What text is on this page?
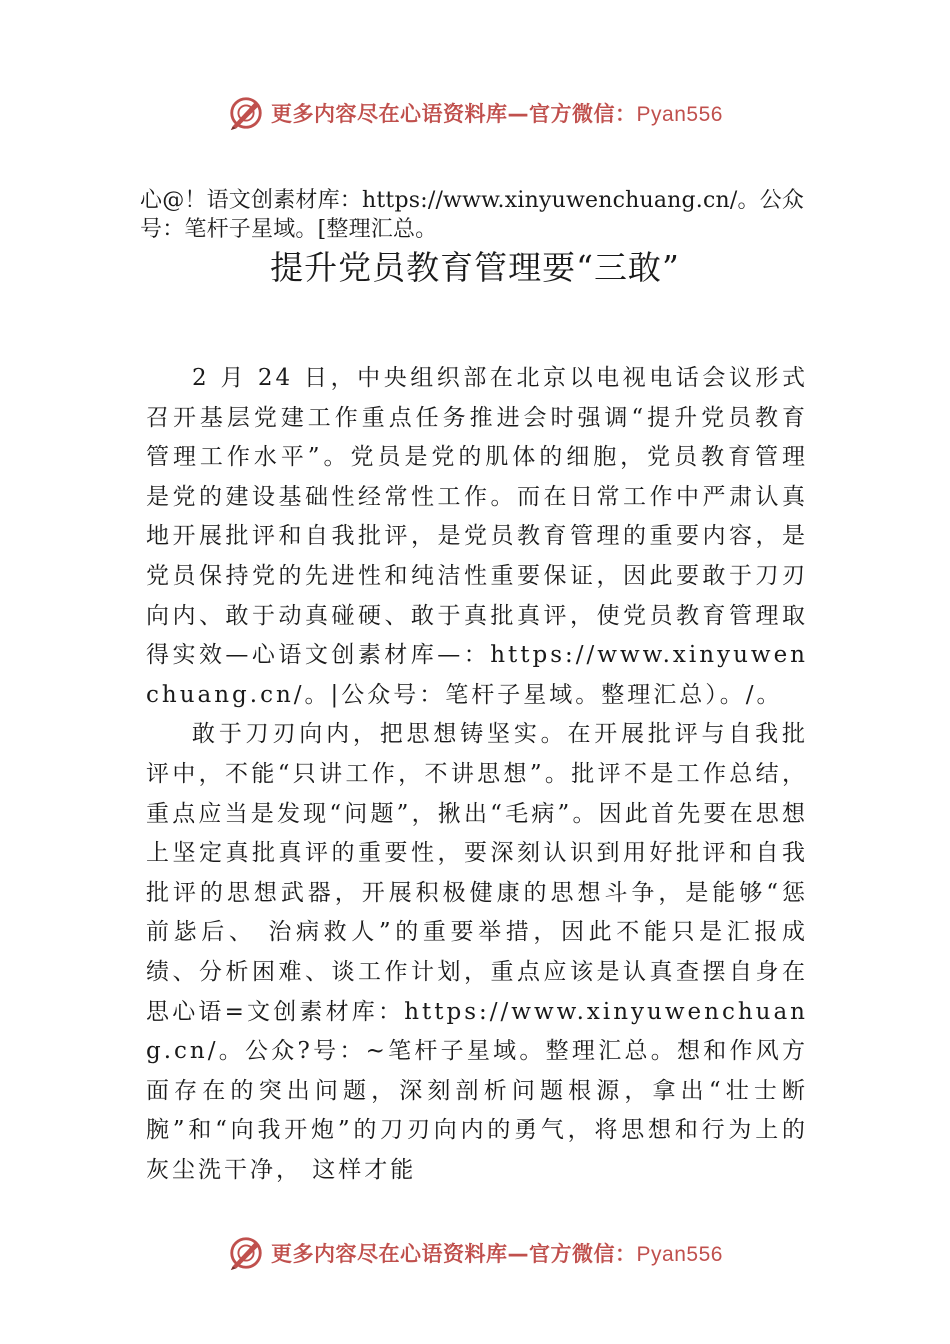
更多内容尽在心语资料库—官方微信：Pyan556
心@！语文创素材库：https://www.xinyuwenchuang.cn/。公众号：笔杆子星域。[整理汇总。
提升党员教育管理要“三敢”

2 月 24 日，中央组织部在北京以电视电话会议形式召开基层党建工作重点任务推进会时强调“提升党员教育管理工作水平”。党员是党的肌体的细胞，党员教育管理是党的建设基础性经常性工作。而在日常工作中严肃认真地开展批评和自我批评，是党员教育管理的重要内容，是党员保持党的先进性和纯洁性重要保证，因此要敢于刀刃向内、敢于动真碰硬、敢于真批真评，使党员教育管理取得实效—心语文创素材库—：https://www.xinyuwenchuang.cn/。|公众号：笔杆子星域。整理汇总）。/。

敢于刀刃向内，把思想铸坚实。在开展批评与自我批评中，不能“只讲工作，不讲思想”。批评不是工作总结，重点应当是发现“问题”，揪出“毛病”。因此首先要在思想上坚定真批真评的重要性，要深刻认识到用好批评和自我批评的思想武器，开展积极健康的思想斗争，是能够“惩前毖后、 治病救人”的重要举措，因此不能只是汇报成绩、分析困难、谈工作计划，重点应该是认真查摆自身在思心语=文创素材库：https://www.xinyuwenchuang.cn/。公众?号：~笔杆子星域。整理汇总。想和作风方面存在的突出问题，深刻剖析问题根源，拿出“壮士断腕”和“向我开炮”的刀刃向内的勇气，将思想和行为上的灰尘洗干净， 这样才能

更多内容尽在心语资料库—官方微信：Pyan556
